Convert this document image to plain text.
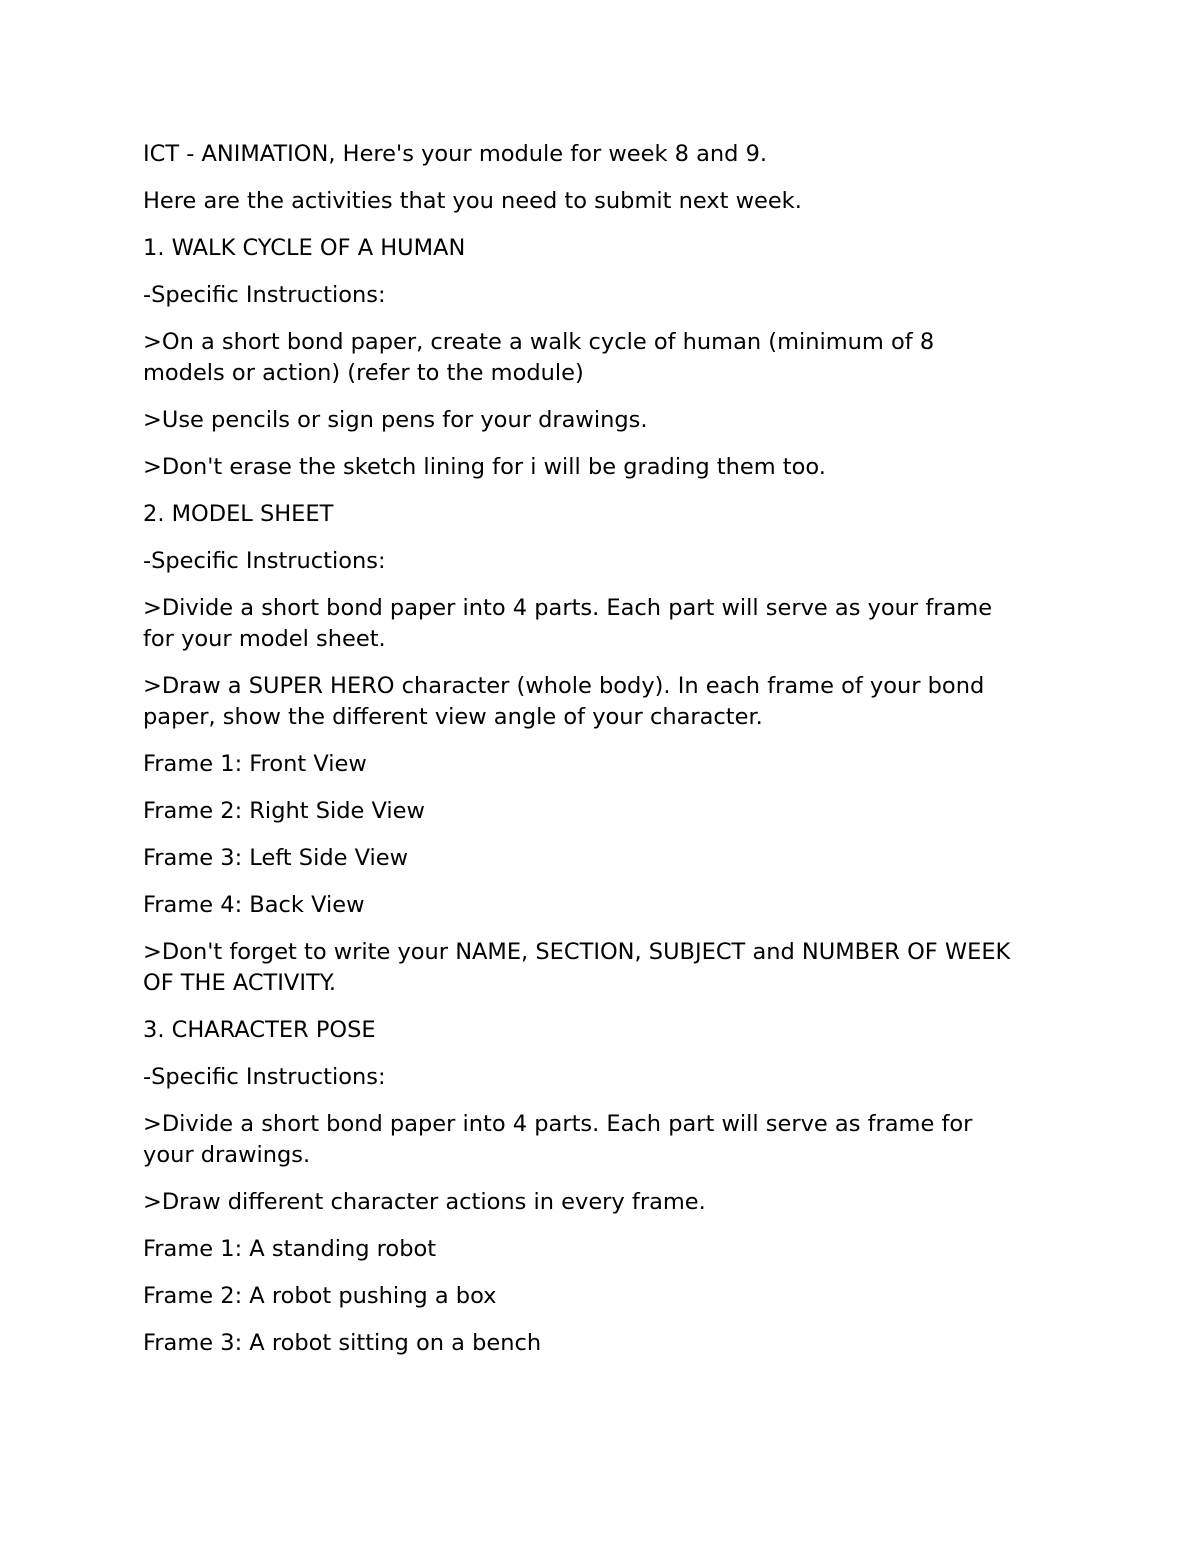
ICT - ANIMATION, Here's your module for week 8 and 9.

Here are the activities that you need to submit next week.

1. WALK CYCLE OF A HUMAN

-Specific Instructions:

>On a short bond paper, create a walk cycle of human (minimum of 8
models or action) (refer to the module)

>Use pencils or sign pens for your drawings.

>Don't erase the sketch lining for i will be grading them too.

2. MODEL SHEET

-Specific Instructions:

>Divide a short bond paper into 4 parts. Each part will serve as your frame
for your model sheet.

>Draw a SUPER HERO character (whole body). In each frame of your bond
paper, show the different view angle of your character.

Frame 1: Front View

Frame 2: Right Side View

Frame 3: Left Side View

Frame 4: Back View

>Don't forget to write your NAME, SECTION, SUBJECT and NUMBER OF WEEK
OF THE ACTIVITY.

3. CHARACTER POSE

-Specific Instructions:

>Divide a short bond paper into 4 parts. Each part will serve as frame for
your drawings.

>Draw different character actions in every frame.

Frame 1: A standing robot

Frame 2: A robot pushing a box

Frame 3: A robot sitting on a bench
